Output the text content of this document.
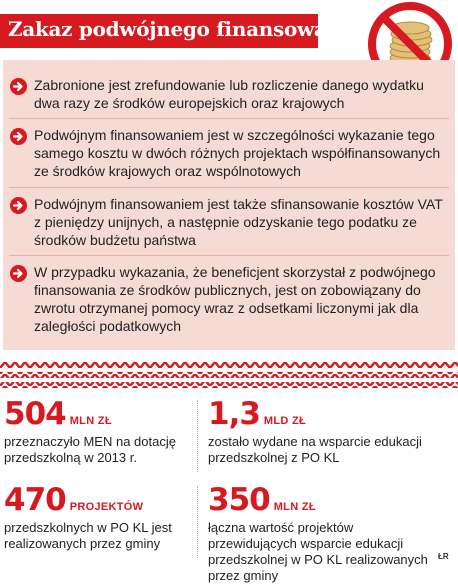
Zakaz podwójnego finansowania
Zabronione jest zrefundowanie lub rozliczenie danego wydatku dwa razy ze środków europejskich oraz krajowych
Podwójnym finansowaniem jest w szczególności wykazanie tego samego kosztu w dwóch różnych projektach współfinansowanych ze środków krajowych oraz wspólnotowych
Podwójnym finansowaniem jest także sfinansowanie kosztów VAT z pieniędzy unijnych, a następnie odzyskanie tego podatku ze środków budżetu państwa
W przypadku wykazania, że beneficjent skorzystał z podwójnego finansowania ze środków publicznych, jest on zobowiązany do zwrotu otrzymanej pomocy wraz z odsetkami liczonymi jak dla zaległości podatkowych
504 MLN ZŁ
przeznaczyło MEN na dotację przedszkolną w 2013 r.
1,3 MLD ZŁ
zostało wydane na wsparcie edukacji przedszkolnej z PO KL
470 PROJEKTÓW
przedszkolnych w PO KL jest realizowanych przez gminy
350 MLN ZŁ
łączna wartość projektów przewidujących wsparcie edukacji przedszkolnej w PO KL realizowanych przez gminy
ŁR
